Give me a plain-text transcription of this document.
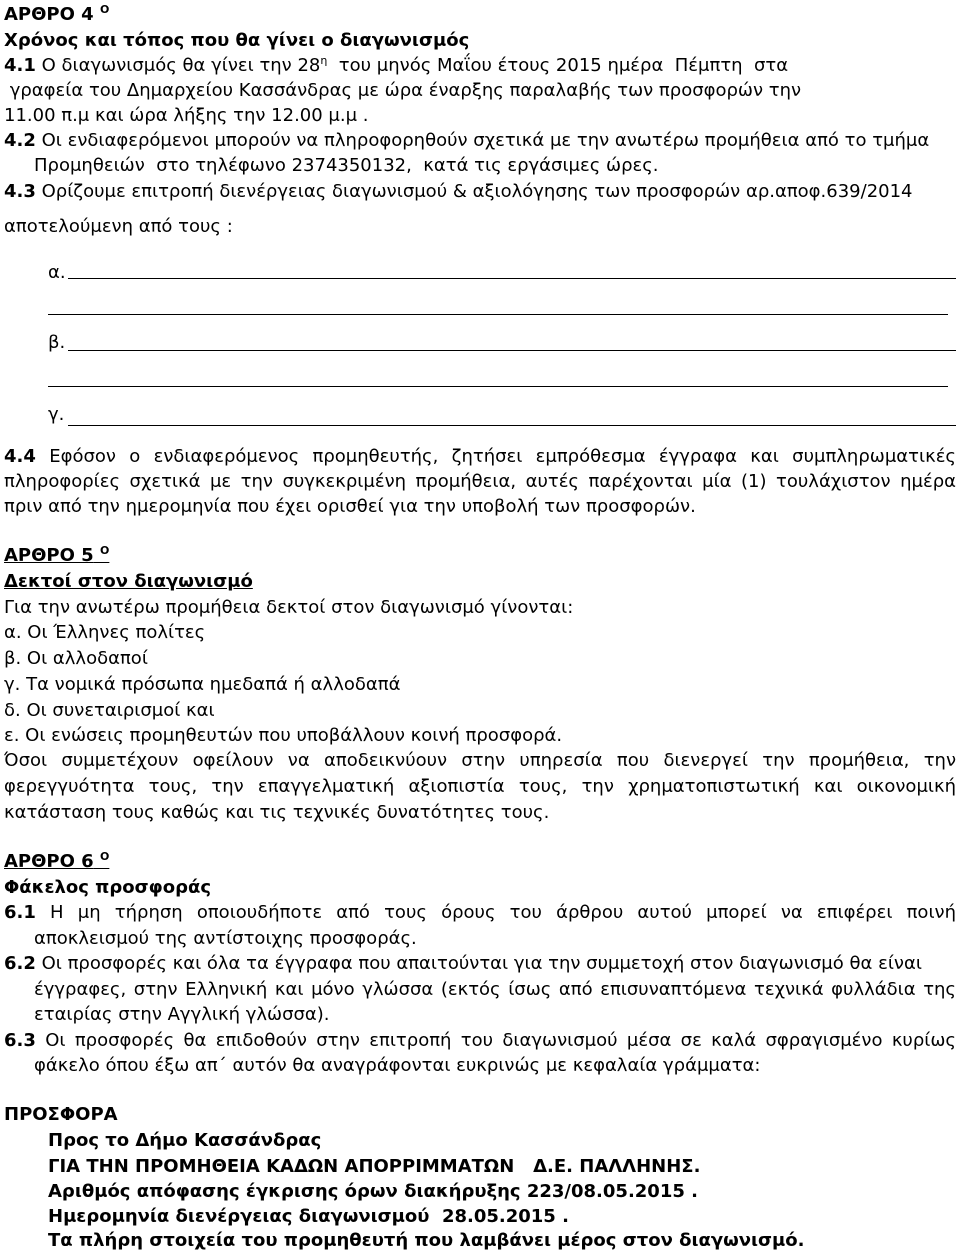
ΑΡΘΡΟ 4 $^O$
Χρόνος και τόπος που θα γίνει ο διαγωνισμός
4.1 Ο διαγωνισμός θα γίνει την $28^\eta$  του μηνός Μαΐου έτους 2015 ημέρα  Πέμπτη  στα
γραφεία του Δημαρχείου Κασσάνδρας με ώρα έναρξης παραλαβής των προσφορών την
11.00 π.μ και ώρα λήξης την 12.00 μ.μ .
4.2 Οι ενδιαφερόμενοι μπορούν να πληροφορηθούν σχετικά με την ανωτέρω προμήθεια από το τμήμα
Προμηθειών  στο τηλέφωνο 2374350132,  κατά τις εργάσιμες ώρες.
4.3 Ορίζουμε επιτροπή διενέργειας διαγωνισμού & αξιολόγησης των προσφορών αρ.αποφ.639/2014
αποτελούμενη από τους :
α.
β.
γ.
4.4 Εφόσον ο ενδιαφερόμενος προμηθευτής, ζητήσει εμπρόθεσμα έγγραφα και συμπληρωματικές
πληροφορίες σχετικά με την συγκεκριμένη προμήθεια, αυτές παρέχονται μία (1) τουλάχιστον ημέρα
πριν από την ημερομηνία που έχει ορισθεί για την υποβολή των προσφορών.
ΑΡΘΡΟ 5 $^O$
Δεκτοί στον διαγωνισμό
Για την ανωτέρω προμήθεια δεκτοί στον διαγωνισμό γίνονται:
α. Οι Έλληνες πολίτες
β. Οι αλλοδαποί
γ. Τα νομικά πρόσωπα ημεδαπά ή αλλοδαπά
δ. Οι συνεταιρισμοί και
ε. Οι ενώσεις προμηθευτών που υποβάλλουν κοινή προσφορά.
Όσοι συμμετέχουν οφείλουν να αποδεικνύουν στην υπηρεσία που διενεργεί την προμήθεια, την
φερεγγυότητα τους, την επαγγελματική αξιοπιστία τους, την χρηματοπιστωτική και οικονομική
κατάσταση τους καθώς και τις τεχνικές δυνατότητες τους.
ΑΡΘΡΟ 6 $^O$
Φάκελος προσφοράς
6.1 Η μη τήρηση οποιουδήποτε από τους όρους του άρθρου αυτού μπορεί να επιφέρει ποινή
αποκλεισμού της αντίστοιχης προσφοράς.
6.2 Οι προσφορές και όλα τα έγγραφα που απαιτούνται για την συμμετοχή στον διαγωνισμό θα είναι
έγγραφες, στην Ελληνική και μόνο γλώσσα (εκτός ίσως από επισυναπτόμενα τεχνικά φυλλάδια της
εταιρίας στην Αγγλική γλώσσα).
6.3 Οι προσφορές θα επιδοθούν στην επιτροπή του διαγωνισμού μέσα σε καλά σφραγισμένο κυρίως
φάκελο όπου έξω απ΄ αυτόν θα αναγράφονται ευκρινώς με κεφαλαία γράμματα:
ΠΡΟΣΦΟΡΑ
Προς το Δήμο Κασσάνδρας
ΓΙΑ ΤΗΝ ΠΡΟΜΗΘΕΙΑ ΚΑΔΩΝ ΑΠΟΡΡΙΜΜΑΤΩΝ   Δ.Ε. ΠΑΛΛΗΝΗΣ.
Αριθμός απόφασης έγκρισης όρων διακήρυξης 223/08.05.2015 .
Ημερομηνία διενέργειας διαγωνισμού  28.05.2015 .
Τα πλήρη στοιχεία του προμηθευτή που λαμβάνει μέρος στον διαγωνισμό.
